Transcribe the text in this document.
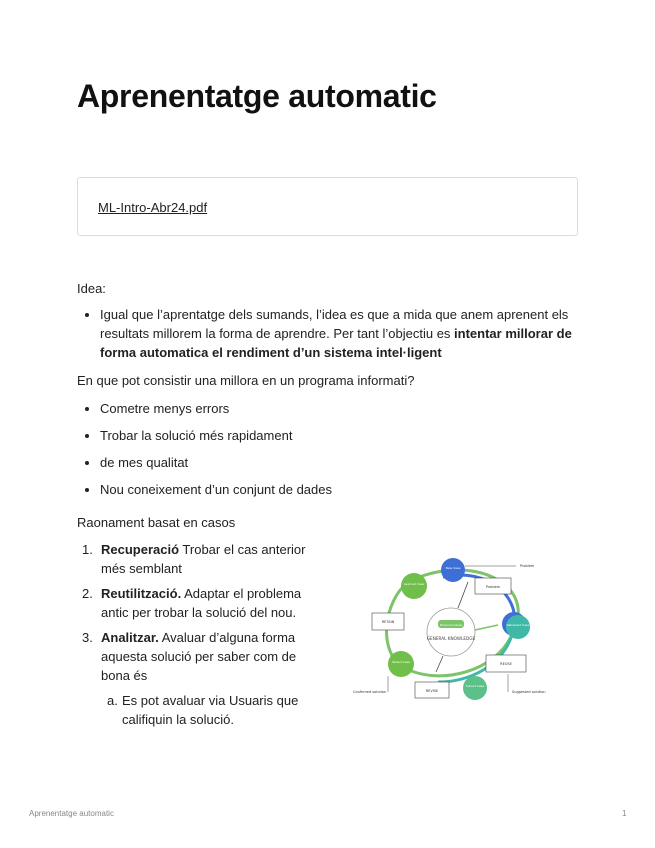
Aprenentatge automatic
ML-Intro-Abr24.pdf
Idea:
Igual que l’aprentatge dels sumands, l’idea es que a mida que anem aprenent els resultats millorem la forma de aprendre. Per tant l’objectiu es intentar millorar de forma automatica el rendiment d’un sistema intel·ligent
En que pot consistir una millora en un programa informati?
Cometre menys errors
Trobar la solució més rapidament
de mes qualitat
Nou coneixement d’un conjunt de dades
Raonament basat en casos
1. Recuperació Trobar el cas anterior més semblant
2. Reutilització. Adaptar el problema antic per trobar la solució del nou.
3. Analitzar. Avaluar d’alguna forma aquesta solució per saber com de bona és
a. Es pot avaluar via Usuaris que califiquin la solució.
Previous Cases
GENERAL KNOWLEDGE
New Case
Learned Case
Retrieved Case
Tested Case
Solved Case
Problem
RETAIN
REUSE
REVISE
Problem
Confirmed solution	Suggested solution
Aprenentatge automatic	1
